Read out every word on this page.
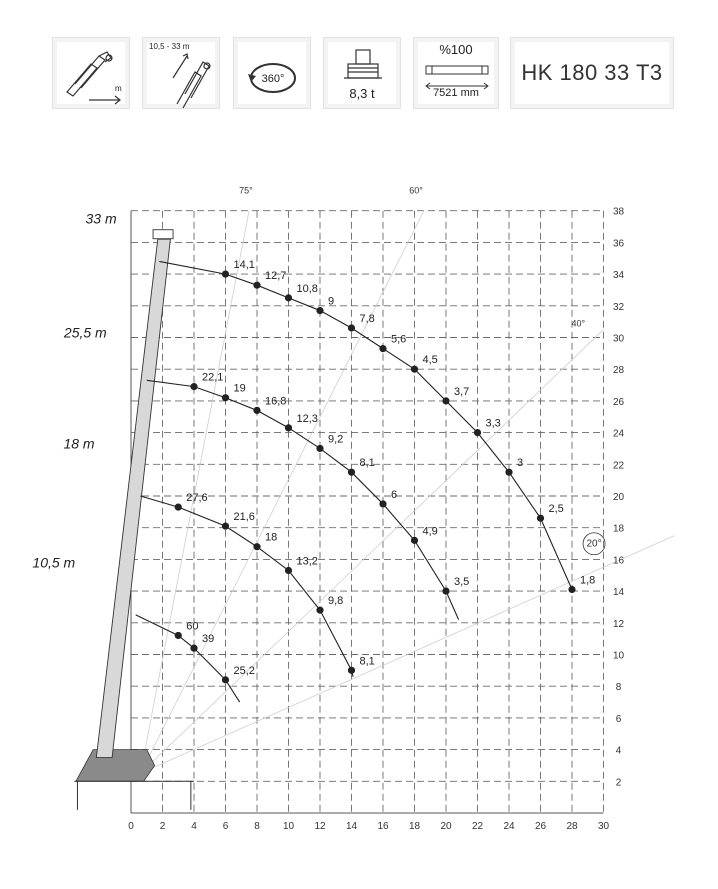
m
10,5 - 33 m
360°
8,3 t
%100
7521 mm
HK 180 33 T3
75°	60°
40°
20°
33 m
14,1
12,7
10,8
9
7,8
5,6
4,5
3,7
3,3
3
2,5
1,8
25,5 m
22,1
19
16,8
12,3
9,2
8,1
6
4,9
3,5
18 m
27,6
21,6
18
13,2
9,8
8,1
10,5 m
60
39
25,2
0	2	4	6	8 10 12 14 16 18 20 22 24 26 28 30
2
4
6
8
10
12
14
16
18
20
22
24
26
28
30
32
34
36
38
